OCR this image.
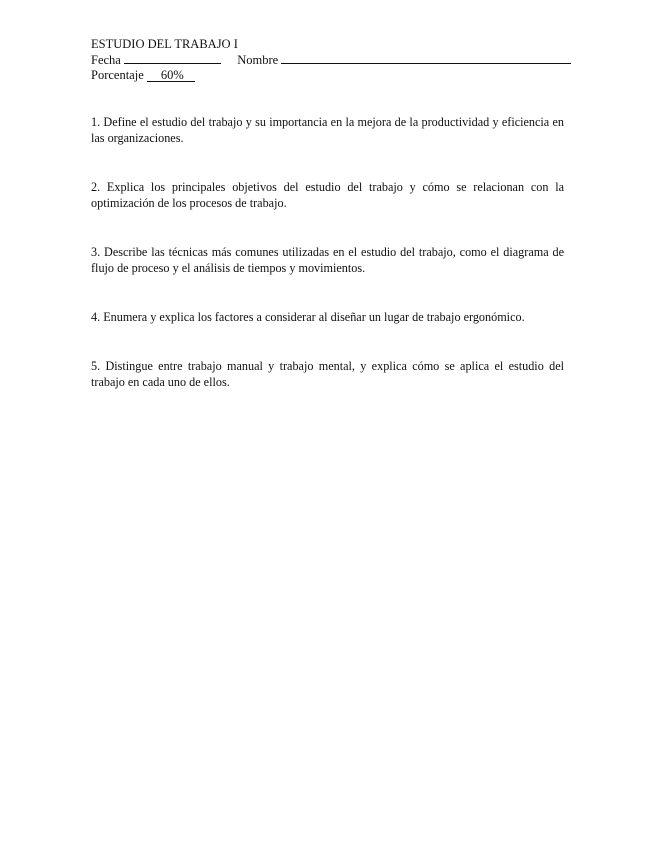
ESTUDIO DEL TRABAJO I
Fecha	Nombre
Porcentaje 60%

1. Define el estudio del trabajo y su importancia en la mejora de la productividad y eficiencia en las organizaciones.

2. Explica los principales objetivos del estudio del trabajo y cómo se relacionan con la optimización de los procesos de trabajo.

3. Describe las técnicas más comunes utilizadas en el estudio del trabajo, como el diagrama de flujo de proceso y el análisis de tiempos y movimientos.

4. Enumera y explica los factores a considerar al diseñar un lugar de trabajo ergonómico.

5. Distingue entre trabajo manual y trabajo mental, y explica cómo se aplica el estudio del trabajo en cada uno de ellos.
